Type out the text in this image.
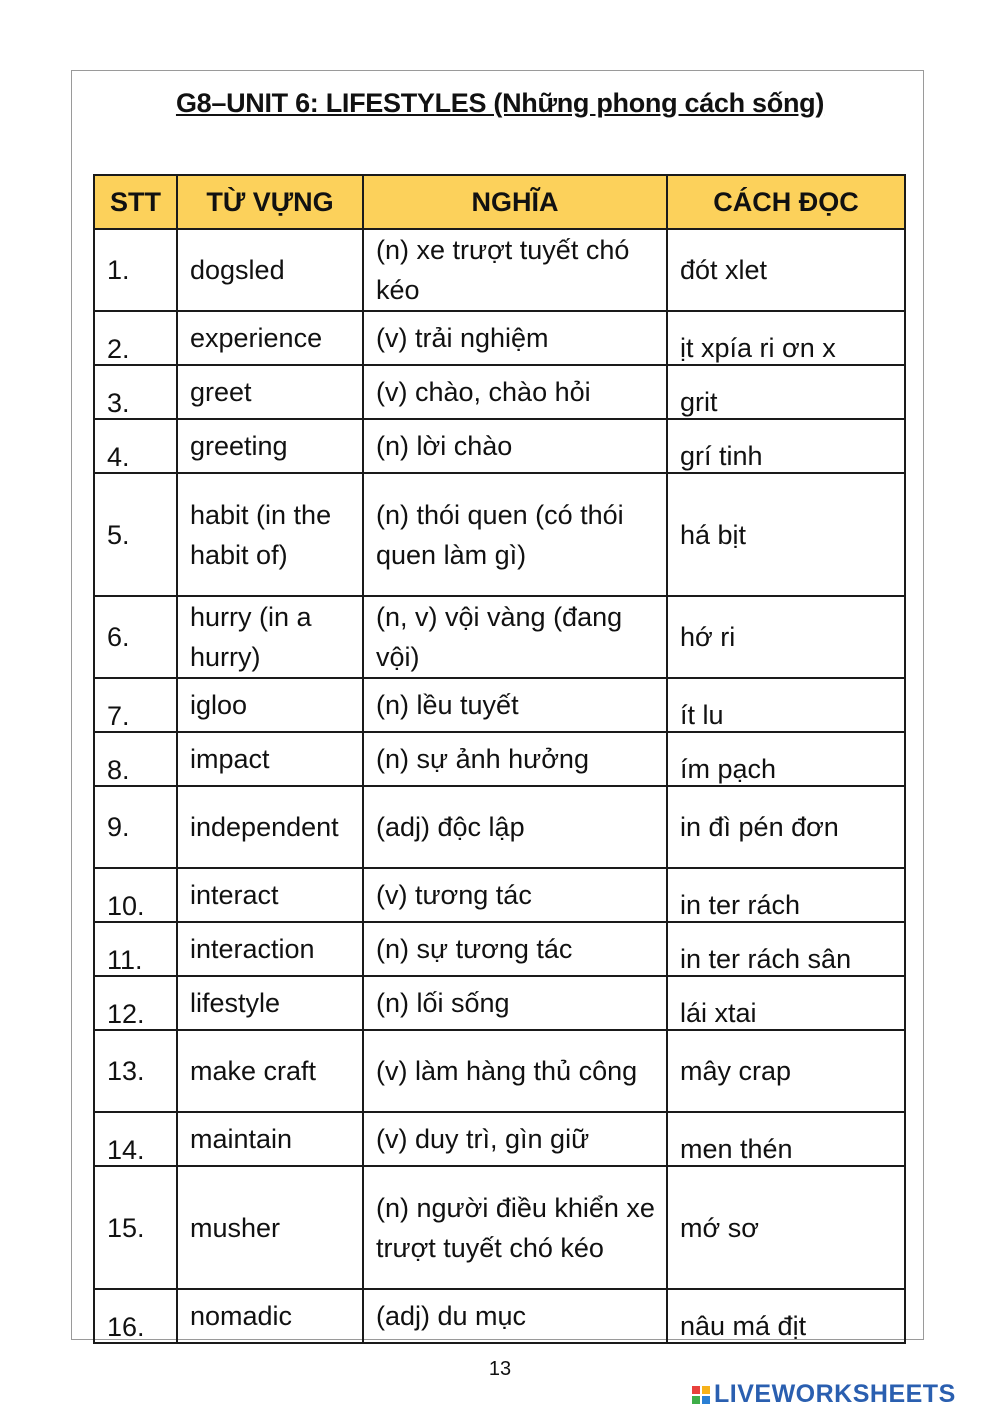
G8–UNIT 6: LIFESTYLES (Những phong cách sống)
STT	TỪ VỰNG	NGHĨA	CÁCH ĐỌC
1.	dogsled	(n) xe trượt tuyết chó kéo	đót xlet
2.	experience	(v) trải nghiệm	ịt xpía ri ơn x
3.	greet	(v) chào, chào hỏi	grit
4.	greeting	(n) lời chào	grí tinh
5.	habit (in the habit of)	(n) thói quen (có thói quen làm gì)	há bịt
6.	hurry (in a hurry)	(n, v) vội vàng (đang vội)	hớ ri
7.	igloo	(n) lều tuyết	ít lu
8.	impact	(n) sự ảnh hưởng	ím pạch
9.	independent	(adj) độc lập	in đì pén đơn
10.	interact	(v) tương tác	in ter rách
11.	interaction	(n) sự tương tác	in ter rách sân
12.	lifestyle	(n) lối sống	lái xtai
13.	make craft	(v) làm hàng thủ công	mây crap
14.	maintain	(v) duy trì, gìn giữ	men thén
15.	musher	(n) người điều khiển xe trượt tuyết chó kéo	mớ sơ
16.	nomadic	(adj) du mục	nâu má địt
13
LIVEWORKSHEETS
